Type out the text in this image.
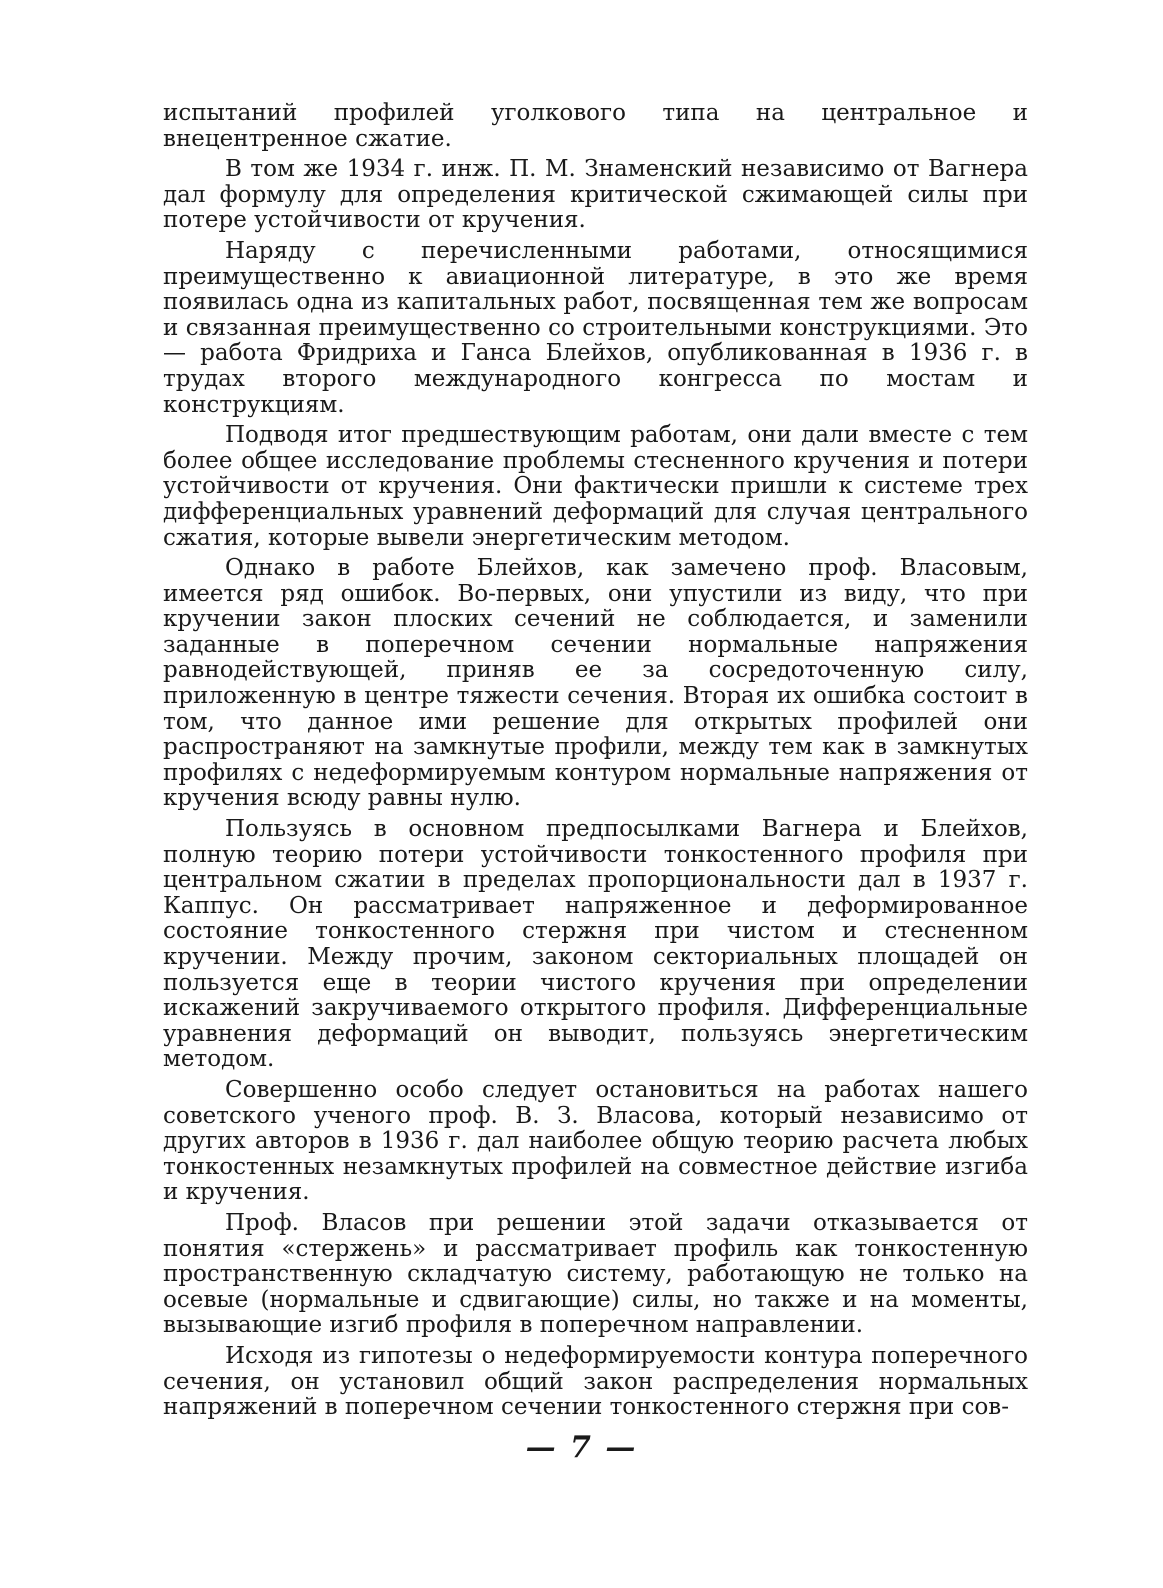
испытаний профилей уголкового типа на центральное и внецентренное сжатие.

В том же 1934 г. инж. П. М. Знаменский независимо от Вагнера дал формулу для определения критической сжимающей силы при потере устойчивости от кручения.

Наряду с перечисленными работами, относящимися преимущественно к авиационной литературе, в это же время появилась одна из капитальных работ, посвященная тем же вопросам и связанная преимущественно со строительными конструкциями. Это — работа Фридриха и Ганса Блейхов, опубликованная в 1936 г. в трудах второго международного конгресса по мостам и конструкциям.

Подводя итог предшествующим работам, они дали вместе с тем более общее исследование проблемы стесненного кручения и потери устойчивости от кручения. Они фактически пришли к системе трех дифференциальных уравнений деформаций для случая центрального сжатия, которые вывели энергетическим методом.

Однако в работе Блейхов, как замечено проф. Власовым, имеется ряд ошибок. Во-первых, они упустили из виду, что при кручении закон плоских сечений не соблюдается, и заменили заданные в поперечном сечении нормальные напряжения равнодействующей, приняв ее за сосредоточенную силу, приложенную в центре тяжести сечения. Вторая их ошибка состоит в том, что данное ими решение для открытых профилей они распространяют на замкнутые профили, между тем как в замкнутых профилях с недеформируемым контуром нормальные напряжения от кручения всюду равны нулю.

Пользуясь в основном предпосылками Вагнера и Блейхов, полную теорию потери устойчивости тонкостенного профиля при центральном сжатии в пределах пропорциональности дал в 1937 г. Каппус. Он рассматривает напряженное и деформированное состояние тонкостенного стержня при чистом и стесненном кручении. Между прочим, законом секториальных площадей он пользуется еще в теории чистого кручения при определении искажений закручиваемого открытого профиля. Дифференциальные уравнения деформаций он выводит, пользуясь энергетическим методом.

Совершенно особо следует остановиться на работах нашего советского ученого проф. В. З. Власова, который независимо от других авторов в 1936 г. дал наиболее общую теорию расчета любых тонкостенных незамкнутых профилей на совместное действие изгиба и кручения.

Проф. Власов при решении этой задачи отказывается от понятия «стержень» и рассматривает профиль как тонкостенную пространственную складчатую систему, работающую не только на осевые (нормальные и сдвигающие) силы, но также и на моменты, вызывающие изгиб профиля в поперечном направлении.

Исходя из гипотезы о недеформируемости контура поперечного сечения, он установил общий закон распределения нормальных напряжений в поперечном сечении тонкостенного стержня при сов-

— 7 —
